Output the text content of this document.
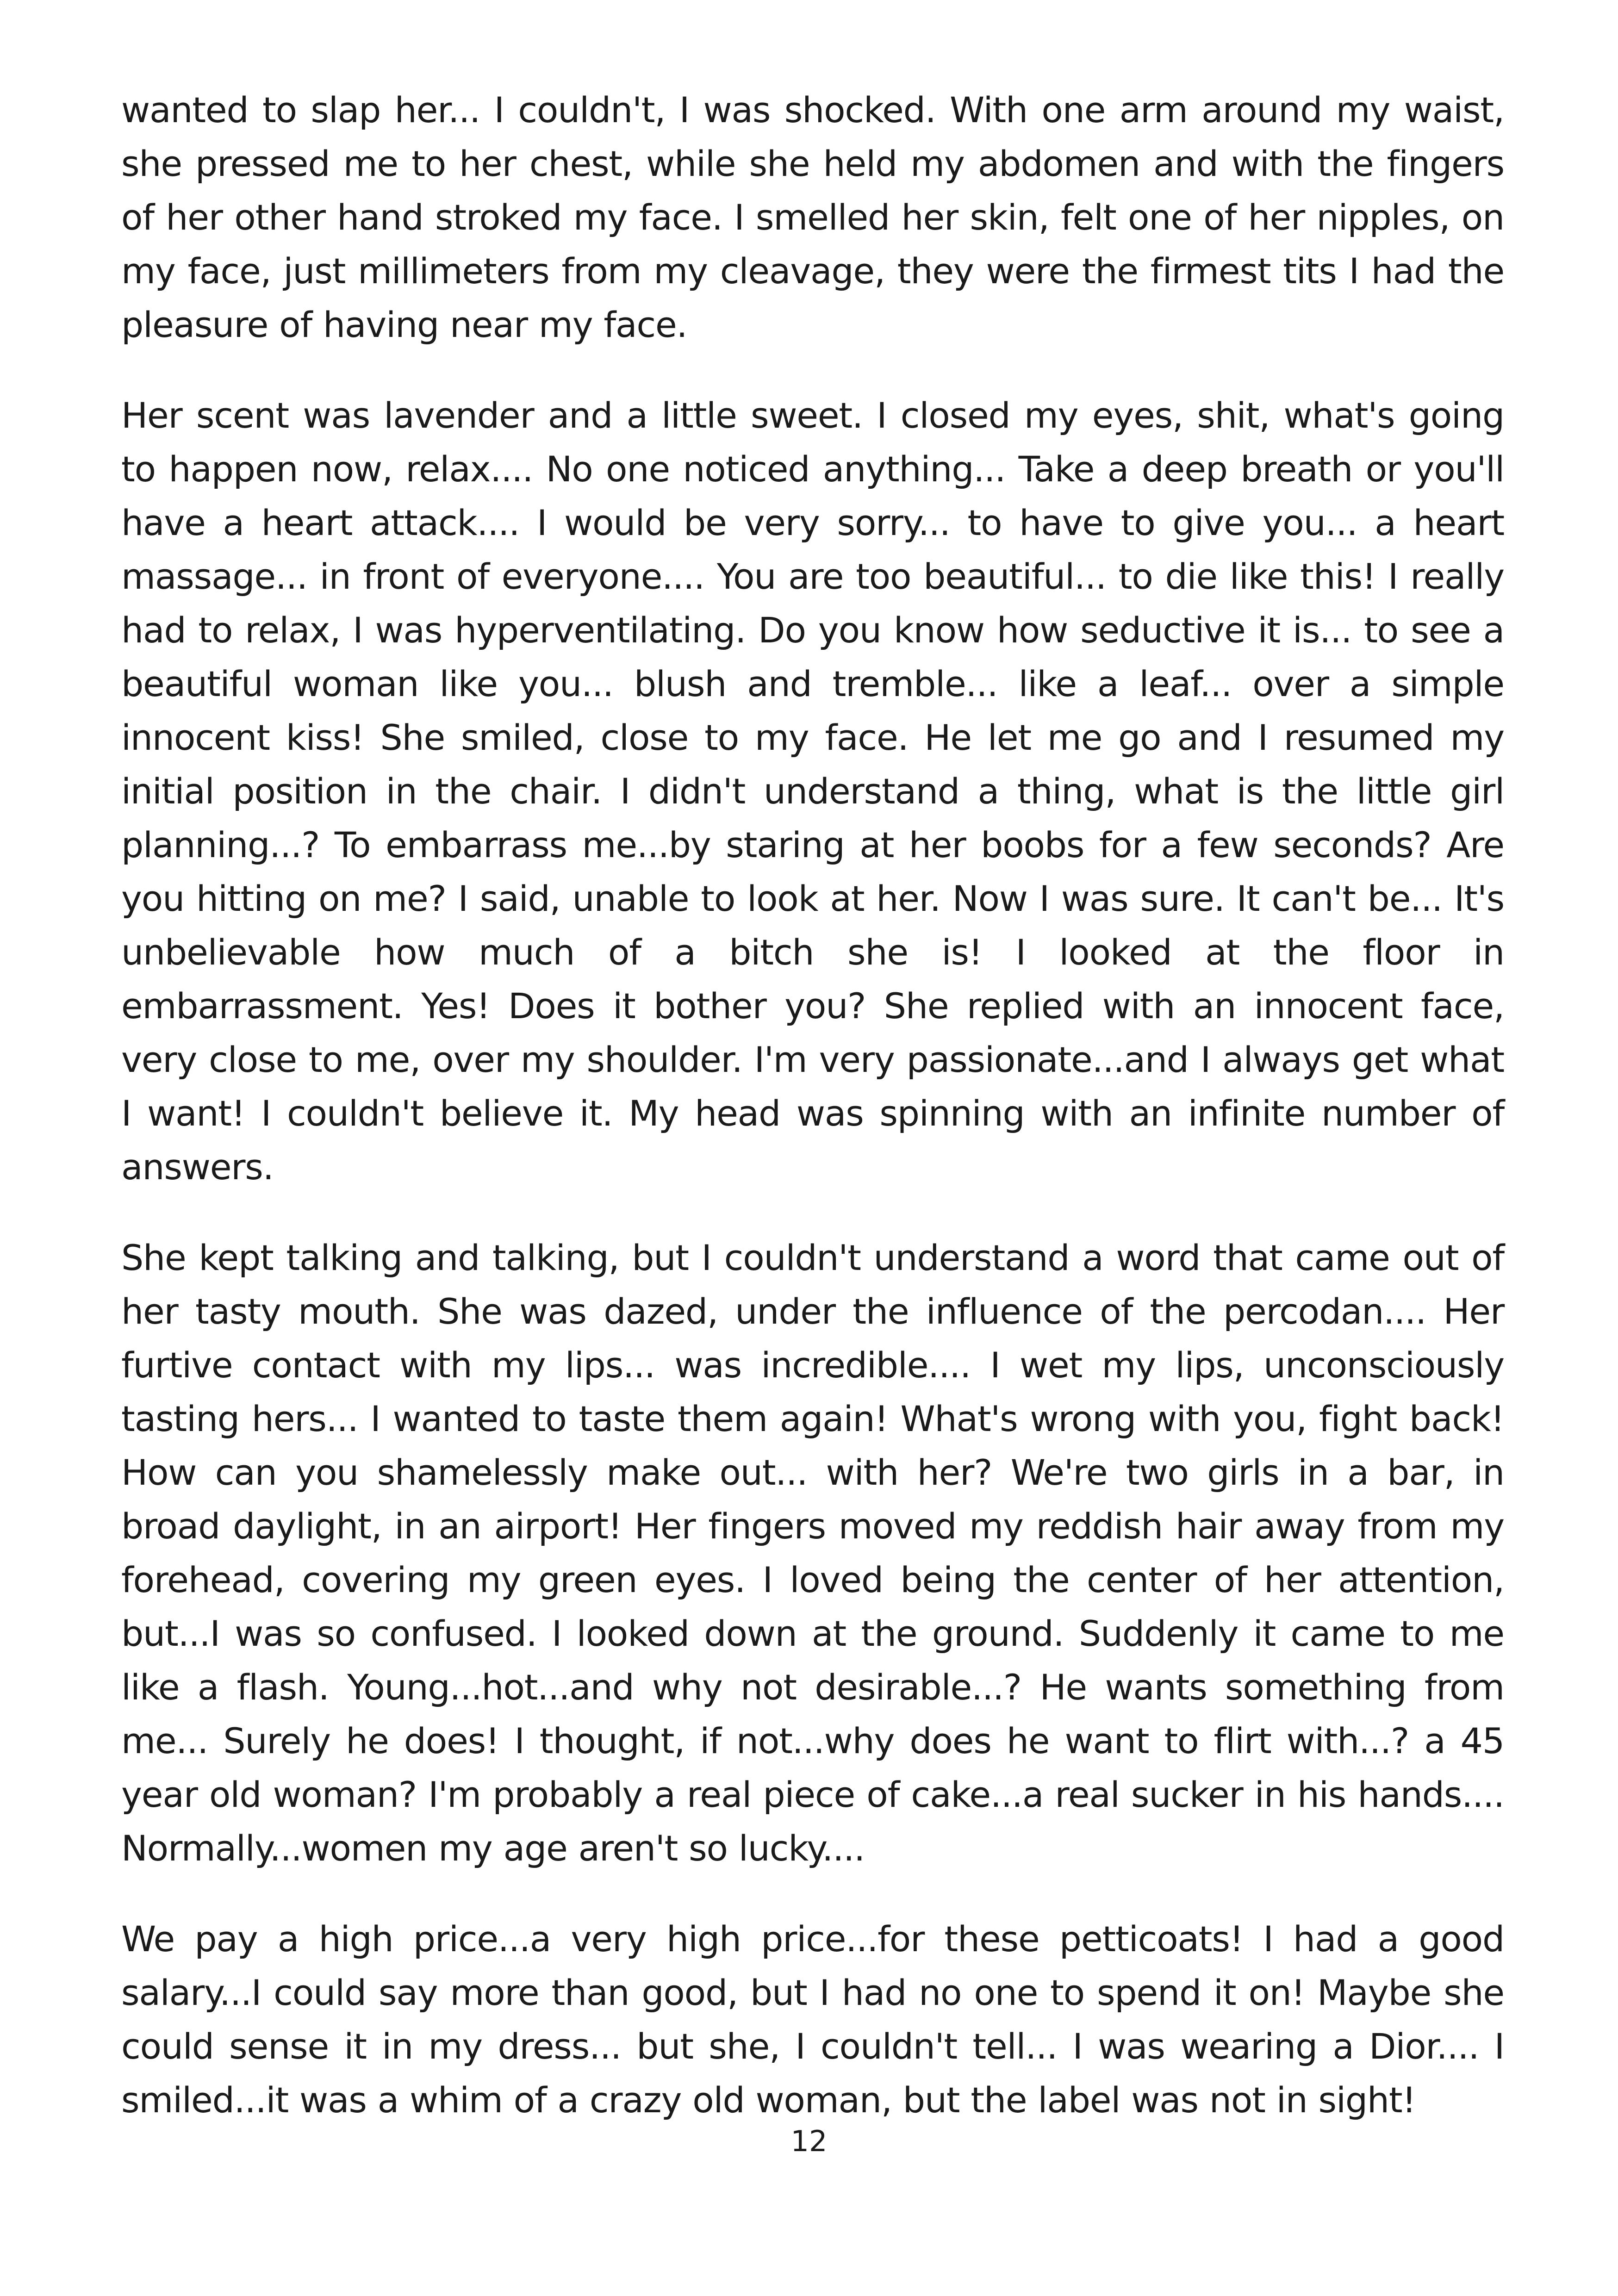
wanted to slap her... I couldn't, I was shocked. With one arm around my waist, she pressed me to her chest, while she held my abdomen and with the fingers of her other hand stroked my face. I smelled her skin, felt one of her nipples, on my face, just millimeters from my cleavage, they were the firmest tits I had the pleasure of having near my face.

Her scent was lavender and a little sweet. I closed my eyes, shit, what's going to happen now, relax.... No one noticed anything... Take a deep breath or you'll have a heart attack.... I would be very sorry... to have to give you... a heart massage... in front of everyone.... You are too beautiful... to die like this! I really had to relax, I was hyperventilating. Do you know how seductive it is... to see a beautiful woman like you... blush and tremble... like a leaf... over a simple innocent kiss! She smiled, close to my face. He let me go and I resumed my initial position in the chair. I didn't understand a thing, what is the little girl planning...? To embarrass me...by staring at her boobs for a few seconds? Are you hitting on me? I said, unable to look at her. Now I was sure. It can't be... It's unbelievable how much of a bitch she is! I looked at the floor in embarrassment. Yes! Does it bother you? She replied with an innocent face, very close to me, over my shoulder. I'm very passionate...and I always get what I want! I couldn't believe it. My head was spinning with an infinite number of answers.

She kept talking and talking, but I couldn't understand a word that came out of her tasty mouth. She was dazed, under the influence of the percodan.... Her furtive contact with my lips... was incredible.... I wet my lips, unconsciously tasting hers... I wanted to taste them again! What's wrong with you, fight back! How can you shamelessly make out... with her? We're two girls in a bar, in broad daylight, in an airport! Her fingers moved my reddish hair away from my forehead, covering my green eyes. I loved being the center of her attention, but...I was so confused. I looked down at the ground. Suddenly it came to me like a flash. Young...hot...and why not desirable...? He wants something from me... Surely he does! I thought, if not...why does he want to flirt with...? a 45 year old woman? I'm probably a real piece of cake...a real sucker in his hands.... Normally...women my age aren't so lucky....

We pay a high price...a very high price...for these petticoats! I had a good salary...I could say more than good, but I had no one to spend it on! Maybe she could sense it in my dress... but she, I couldn't tell... I was wearing a Dior.... I smiled...it was a whim of a crazy old woman, but the label was not in sight!

12
